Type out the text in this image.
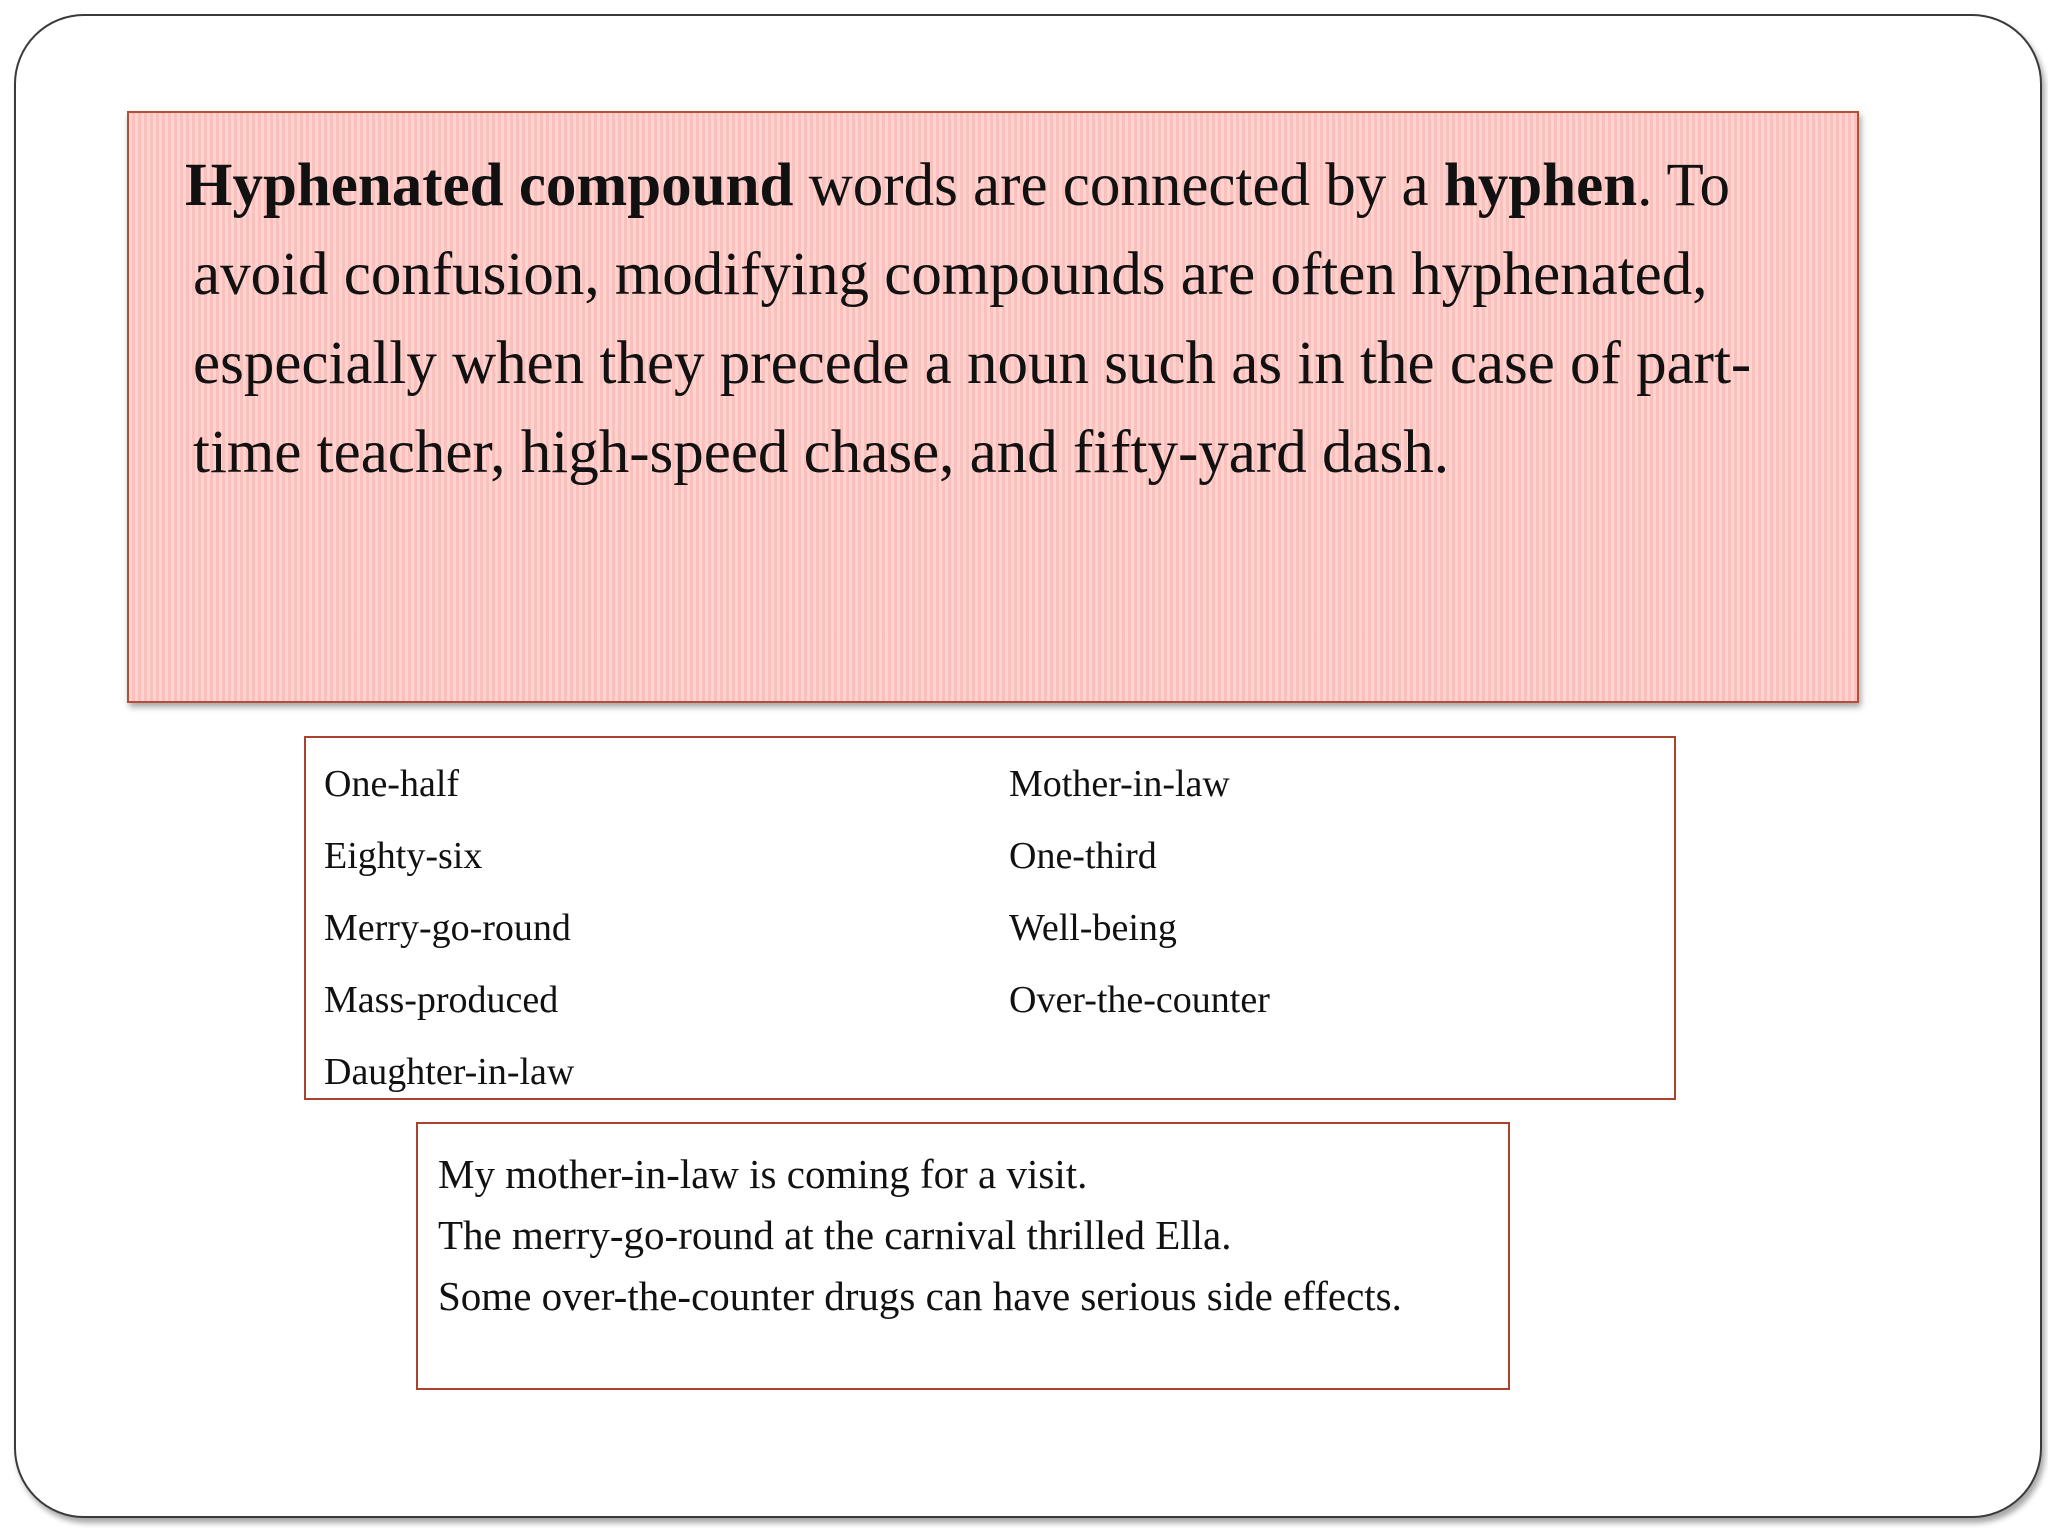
Hyphenated compound words are connected by a hyphen. To avoid confusion, modifying compounds are often hyphenated, especially when they precede a noun such as in the case of part-time teacher, high-speed chase, and fifty-yard dash.
One-half
Eighty-six
Merry-go-round
Mass-produced
Daughter-in-law
Mother-in-law
One-third
Well-being
Over-the-counter
My mother-in-law is coming for a visit.
The merry-go-round at the carnival thrilled Ella.
Some over-the-counter drugs can have serious side effects.
